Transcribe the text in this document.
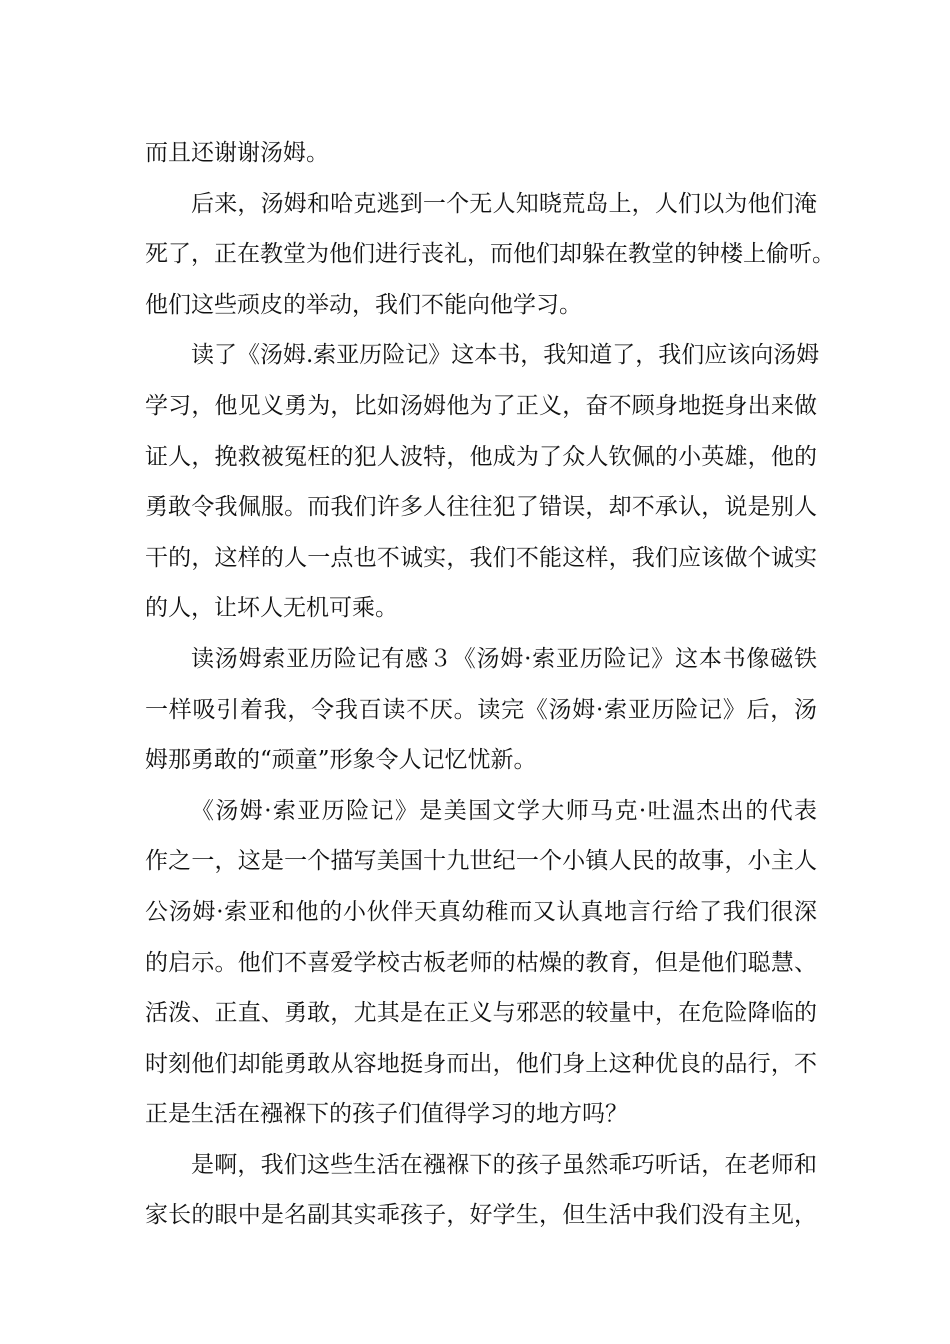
而且还谢谢汤姆。
后来，汤姆和哈克逃到一个无人知晓荒岛上，人们以为他们淹
死了，正在教堂为他们进行丧礼，而他们却躲在教堂的钟楼上偷听。
他们这些顽皮的举动，我们不能向他学习。
读了《汤姆.索亚历险记》这本书，我知道了，我们应该向汤姆
学习，他见义勇为，比如汤姆他为了正义，奋不顾身地挺身出来做
证人，挽救被冤枉的犯人波特，他成为了众人钦佩的小英雄，他的
勇敢令我佩服。而我们许多人往往犯了错误，却不承认，说是别人
干的，这样的人一点也不诚实，我们不能这样，我们应该做个诚实
的人，让坏人无机可乘。
读汤姆索亚历险记有感３《汤姆·索亚历险记》这本书像磁铁
一样吸引着我，令我百读不厌。读完《汤姆·索亚历险记》后，汤
姆那勇敢的“顽童”形象令人记忆忧新。
《汤姆·索亚历险记》是美国文学大师马克·吐温杰出的代表
作之一，这是一个描写美国十九世纪一个小镇人民的故事，小主人
公汤姆·索亚和他的小伙伴天真幼稚而又认真地言行给了我们很深
的启示。他们不喜爱学校古板老师的枯燥的教育，但是他们聪慧、
活泼、正直、勇敢，尤其是在正义与邪恶的较量中，在危险降临的
时刻他们却能勇敢从容地挺身而出，他们身上这种优良的品行，不
正是生活在襁褓下的孩子们值得学习的地方吗？
是啊，我们这些生活在襁褓下的孩子虽然乖巧听话，在老师和
家长的眼中是名副其实乖孩子，好学生，但生活中我们没有主见，
